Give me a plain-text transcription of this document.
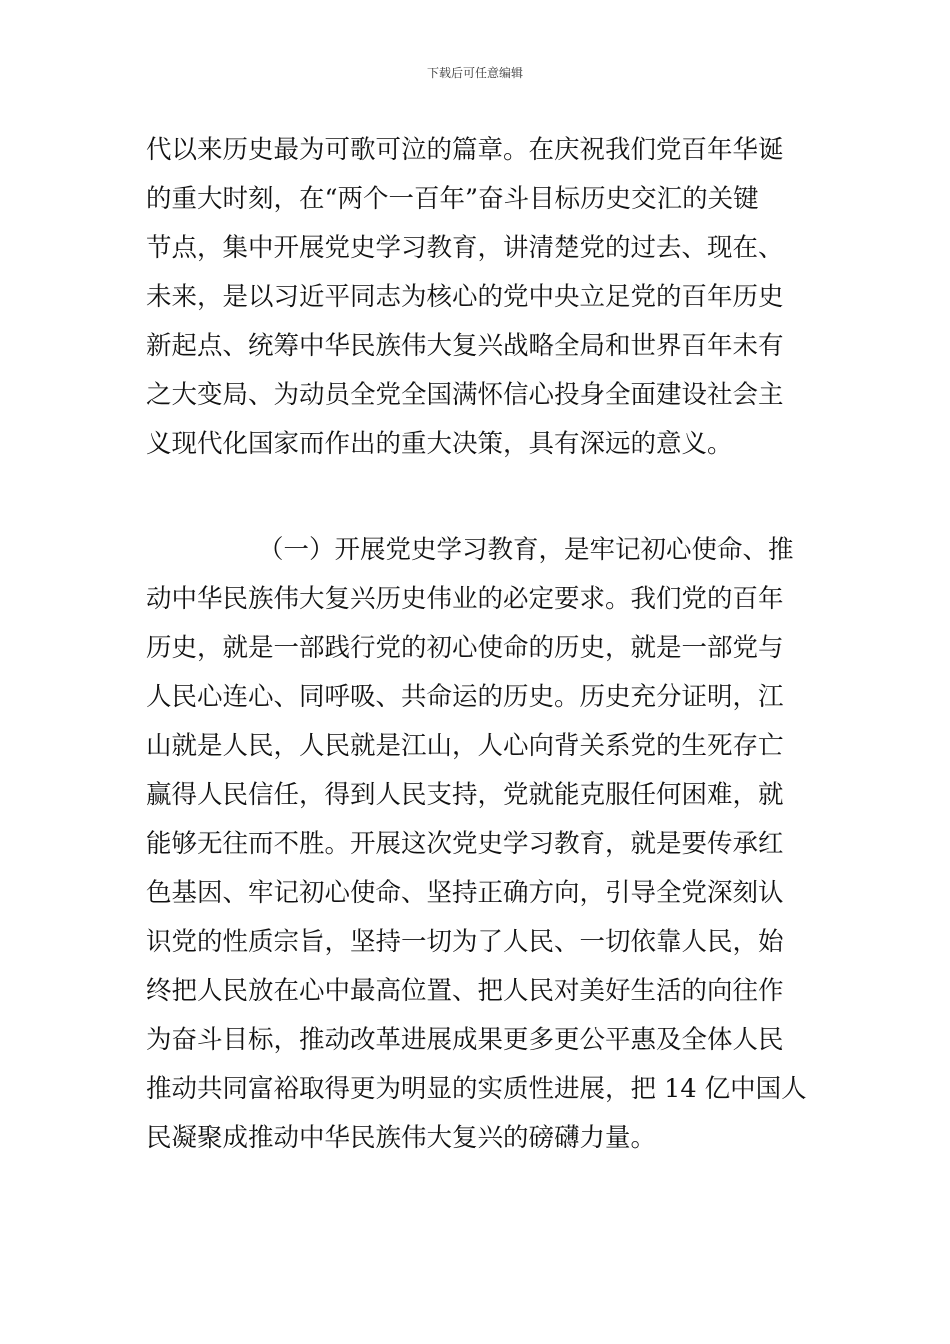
下载后可任意编辑

代以来历史最为可歌可泣的篇章。在庆祝我们党百年华诞
的重大时刻，在“两个一百年”奋斗目标历史交汇的关键
节点，集中开展党史学习教育，讲清楚党的过去、现在、
未来，是以习近平同志为核心的党中央立足党的百年历史
新起点、统筹中华民族伟大复兴战略全局和世界百年未有
之大变局、为动员全党全国满怀信心投身全面建设社会主
义现代化国家而作出的重大决策，具有深远的意义。

（一）开展党史学习教育，是牢记初心使命、推
动中华民族伟大复兴历史伟业的必定要求。我们党的百年
历史，就是一部践行党的初心使命的历史，就是一部党与
人民心连心、同呼吸、共命运的历史。历史充分证明，江
山就是人民，人民就是江山，人心向背关系党的生死存亡
赢得人民信任，得到人民支持，党就能克服任何困难，就
能够无往而不胜。开展这次党史学习教育，就是要传承红
色基因、牢记初心使命、坚持正确方向，引导全党深刻认
识党的性质宗旨，坚持一切为了人民、一切依靠人民，始
终把人民放在心中最高位置、把人民对美好生活的向往作
为奋斗目标，推动改革进展成果更多更公平惠及全体人民
推动共同富裕取得更为明显的实质性进展，把 14 亿中国人
民凝聚成推动中华民族伟大复兴的磅礴力量。
